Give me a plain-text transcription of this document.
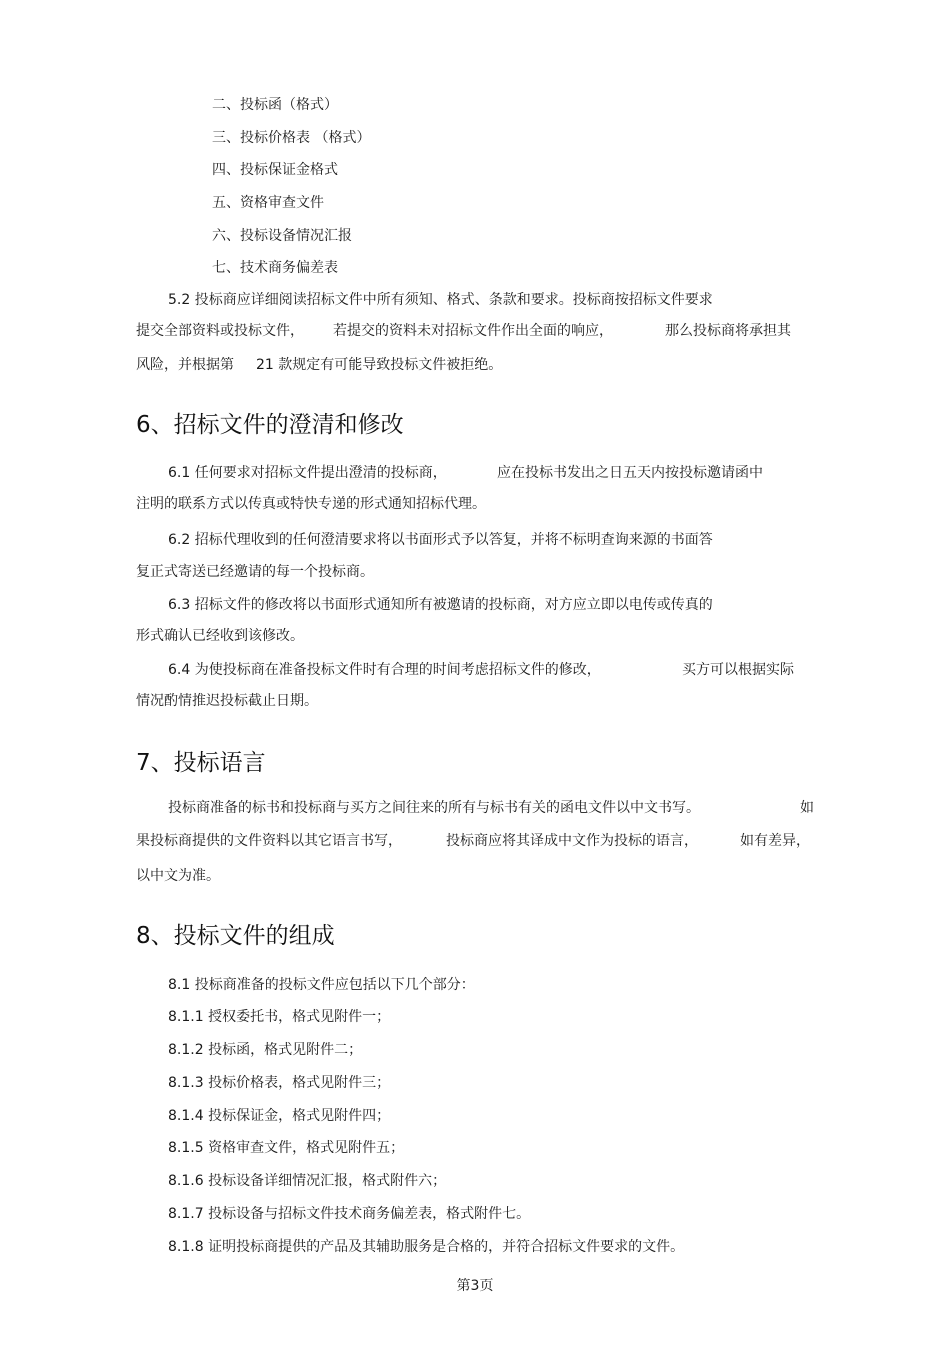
二、投标函（格式）
三、投标价格表 （格式）
四、投标保证金格式
五、资格审查文件
六、投标设备情况汇报
七、技术商务偏差表
5.2 投标商应详细阅读招标文件中所有须知、格式、条款和要求。投标商按招标文件要求
提交全部资料或投标文件， 若提交的资料未对招标文件作出全面的响应，	那么投标商将承担其
风险，并根据第 21 款规定有可能导致投标文件被拒绝。
6、招标文件的澄清和修改
6.1 任何要求对招标文件提出澄清的投标商，	应在投标书发出之日五天内按投标邀请函中
注明的联系方式以传真或特快专递的形式通知招标代理。
6.2 招标代理收到的任何澄清要求将以书面形式予以答复，并将不标明查询来源的书面答
复正式寄送已经邀请的每一个投标商。
6.3 招标文件的修改将以书面形式通知所有被邀请的投标商，对方应立即以电传或传真的
形式确认已经收到该修改。
6.4 为使投标商在准备投标文件时有合理的时间考虑招标文件的修改，	买方可以根据实际
情况酌情推迟投标截止日期。
7、投标语言
投标商准备的标书和投标商与买方之间往来的所有与标书有关的函电文件以中文书写。	如
果投标商提供的文件资料以其它语言书写，	投标商应将其译成中文作为投标的语言，	如有差异，
以中文为准。
8、投标文件的组成
8.1 投标商准备的投标文件应包括以下几个部分：
8.1.1 授权委托书，格式见附件一；
8.1.2 投标函，格式见附件二；
8.1.3 投标价格表，格式见附件三；
8.1.4 投标保证金，格式见附件四；
8.1.5 资格审查文件，格式见附件五；
8.1.6 投标设备详细情况汇报，格式附件六；
8.1.7 投标设备与招标文件技术商务偏差表，格式附件七。
8.1.8 证明投标商提供的产品及其辅助服务是合格的，并符合招标文件要求的文件。
第3页
